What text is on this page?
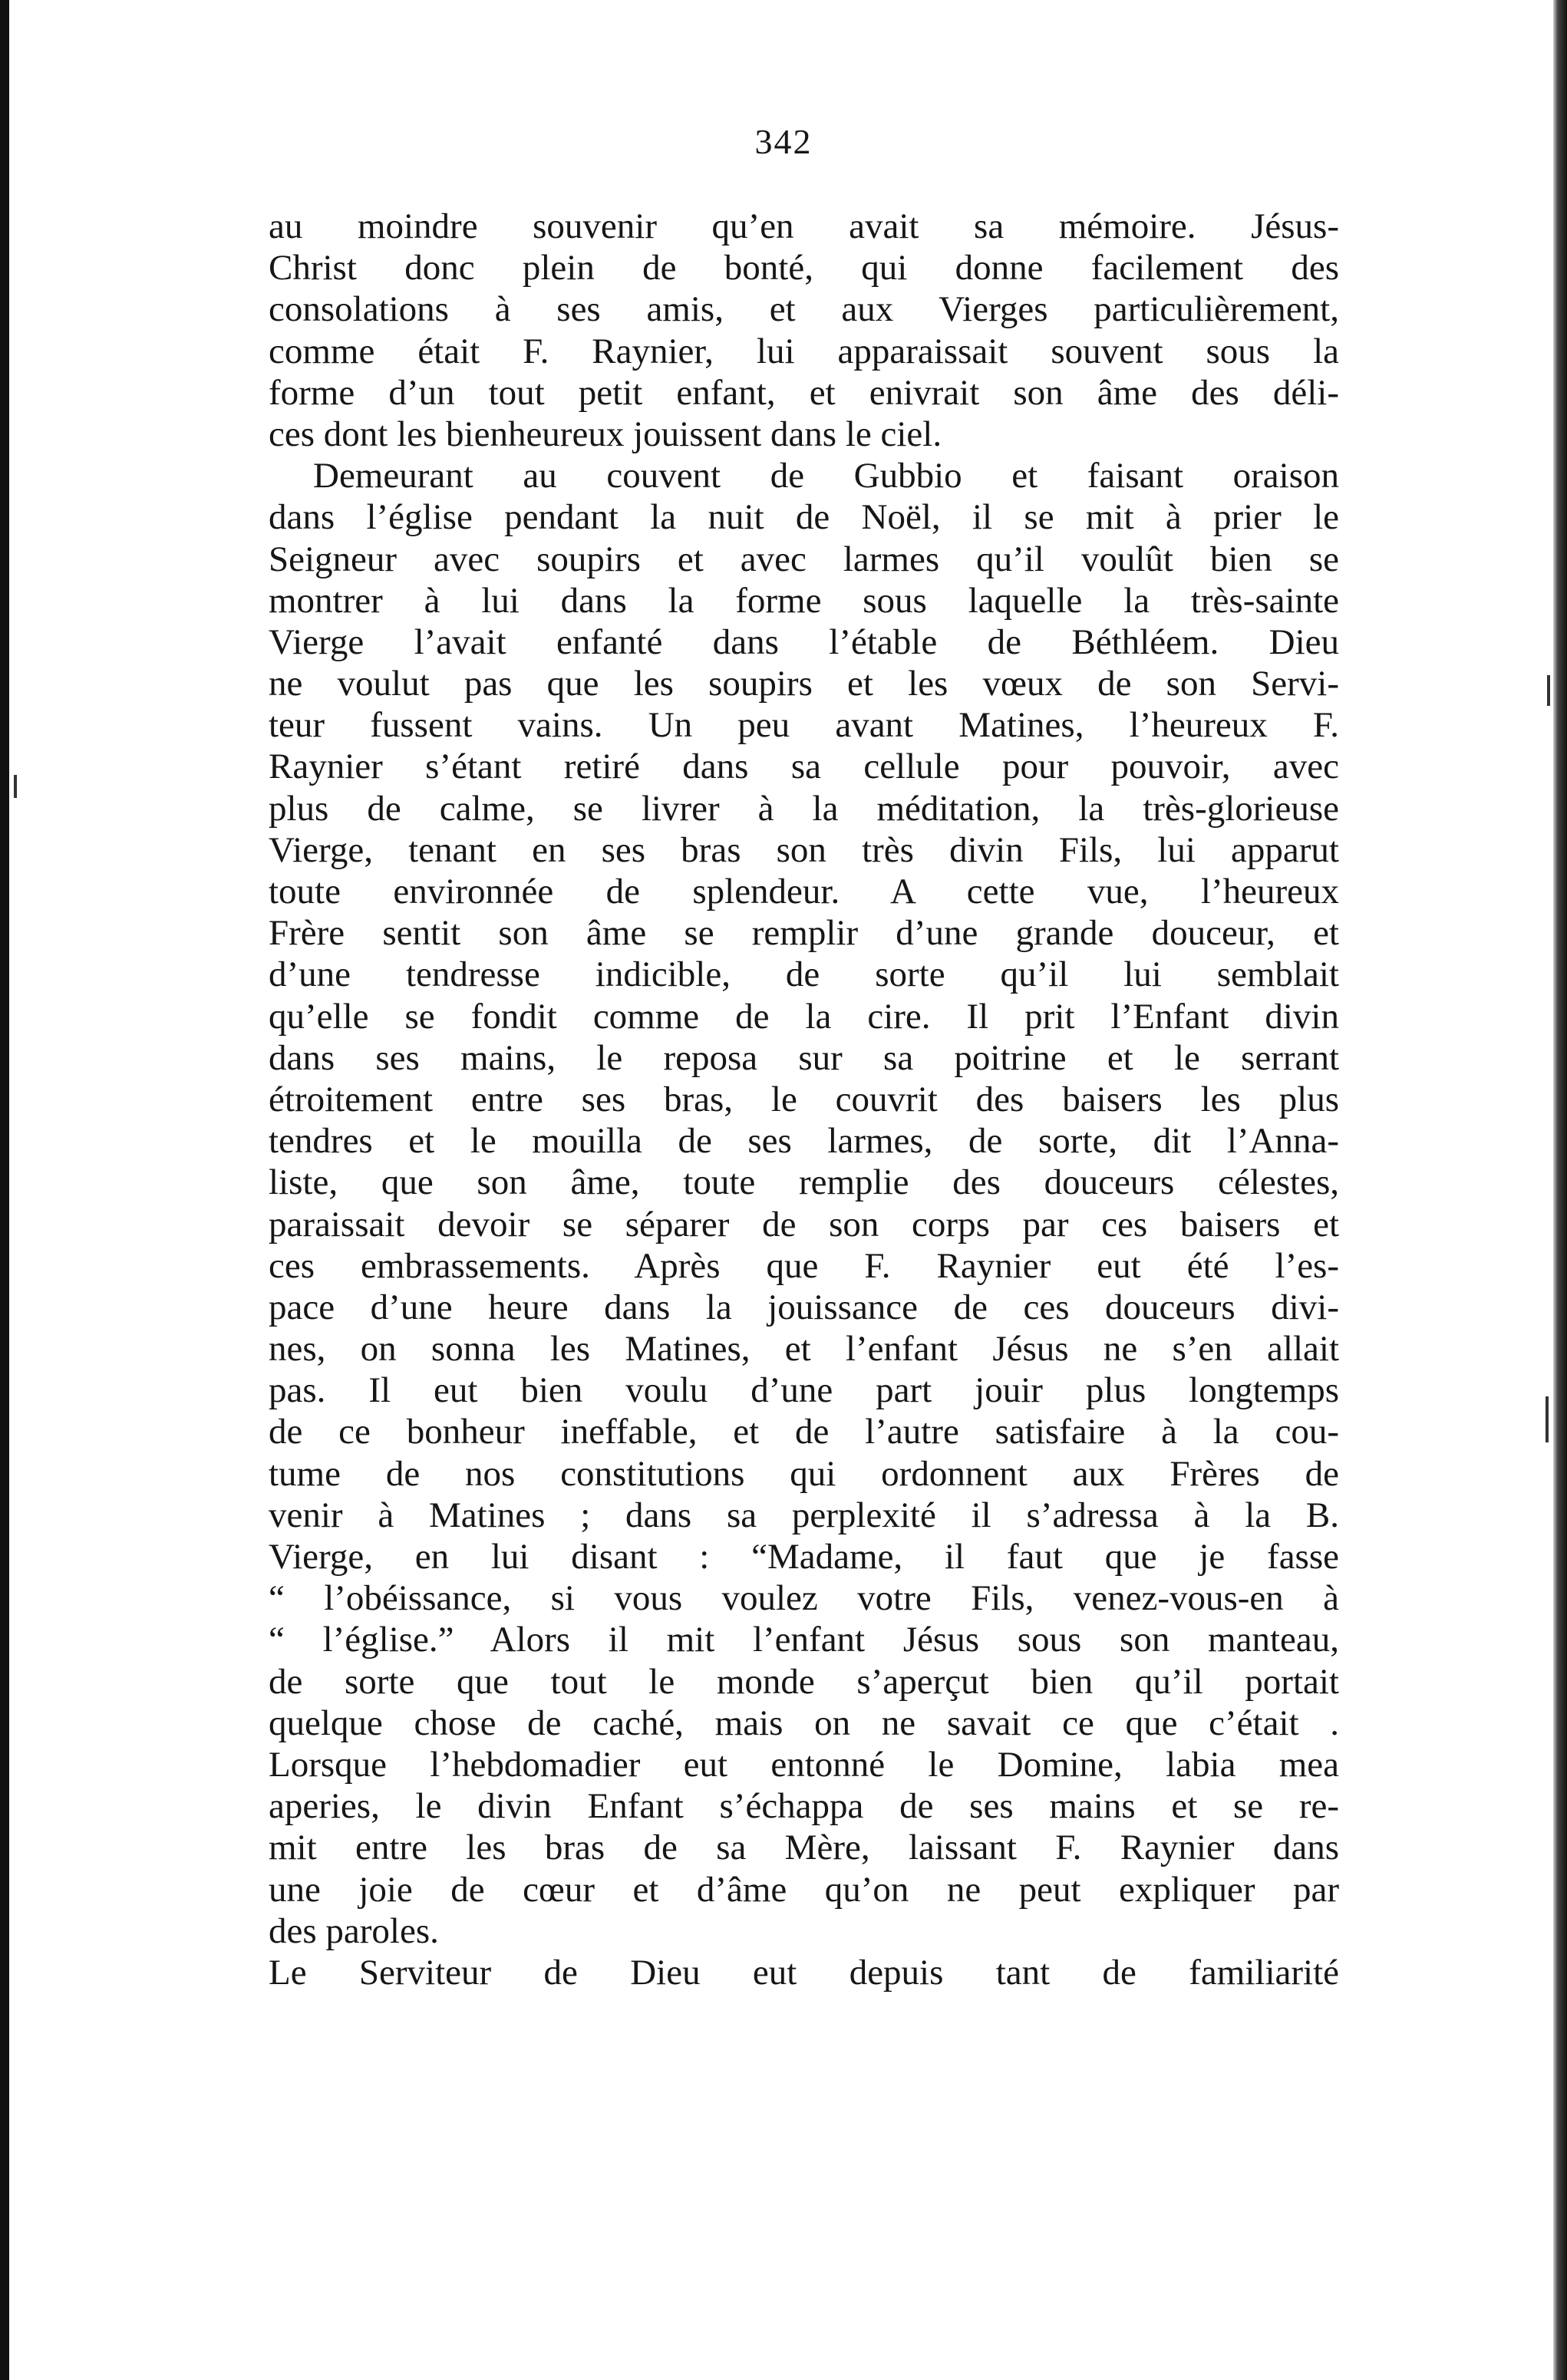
342
au moindre souvenir qu’en avait sa mémoire. Jésus-
Christ donc plein de bonté, qui donne facilement des
consolations à ses amis, et aux Vierges particulièrement,
comme était F. Raynier, lui apparaissait souvent sous la
forme d’un tout petit enfant, et enivrait son âme des déli-
ces dont les bienheureux jouissent dans le ciel.
Demeurant au couvent de Gubbio et faisant oraison
dans l’église pendant la nuit de Noël, il se mit à prier le
Seigneur avec soupirs et avec larmes qu’il voulût bien se
montrer à lui dans la forme sous laquelle la très-sainte
Vierge l’avait enfanté dans l’étable de Béthléem. Dieu
ne voulut pas que les soupirs et les vœux de son Servi-
teur fussent vains. Un peu avant Matines, l’heureux F.
Raynier s’étant retiré dans sa cellule pour pouvoir, avec
plus de calme, se livrer à la méditation, la très-glorieuse
Vierge, tenant en ses bras son très divin Fils, lui apparut
toute environnée de splendeur. A cette vue, l’heureux
Frère sentit son âme se remplir d’une grande douceur, et
d’une tendresse indicible, de sorte qu’il lui semblait
qu’elle se fondit comme de la cire. Il prit l’Enfant divin
dans ses mains, le reposa sur sa poitrine et le serrant
étroitement entre ses bras, le couvrit des baisers les plus
tendres et le mouilla de ses larmes, de sorte, dit l’Anna-
liste, que son âme, toute remplie des douceurs célestes,
paraissait devoir se séparer de son corps par ces baisers et
ces embrassements. Après que F. Raynier eut été l’es-
pace d’une heure dans la jouissance de ces douceurs divi-
nes, on sonna les Matines, et l’enfant Jésus ne s’en allait
pas. Il eut bien voulu d’une part jouir plus longtemps
de ce bonheur ineffable, et de l’autre satisfaire à la cou-
tume de nos constitutions qui ordonnent aux Frères de
venir à Matines ; dans sa perplexité il s’adressa à la B.
Vierge, en lui disant : “Madame, il faut que je fasse
“ l’obéissance, si vous voulez votre Fils, venez-vous-en à
“ l’église.” Alors il mit l’enfant Jésus sous son manteau,
de sorte que tout le monde s’aperçut bien qu’il portait
quelque chose de caché, mais on ne savait ce que c’était .
Lorsque l’hebdomadier eut entonné le Domine, labia mea
aperies, le divin Enfant s’échappa de ses mains et se re-
mit entre les bras de sa Mère, laissant F. Raynier dans
une joie de cœur et d’âme qu’on ne peut expliquer par
des paroles.
Le Serviteur de Dieu eut depuis tant de familiarité
